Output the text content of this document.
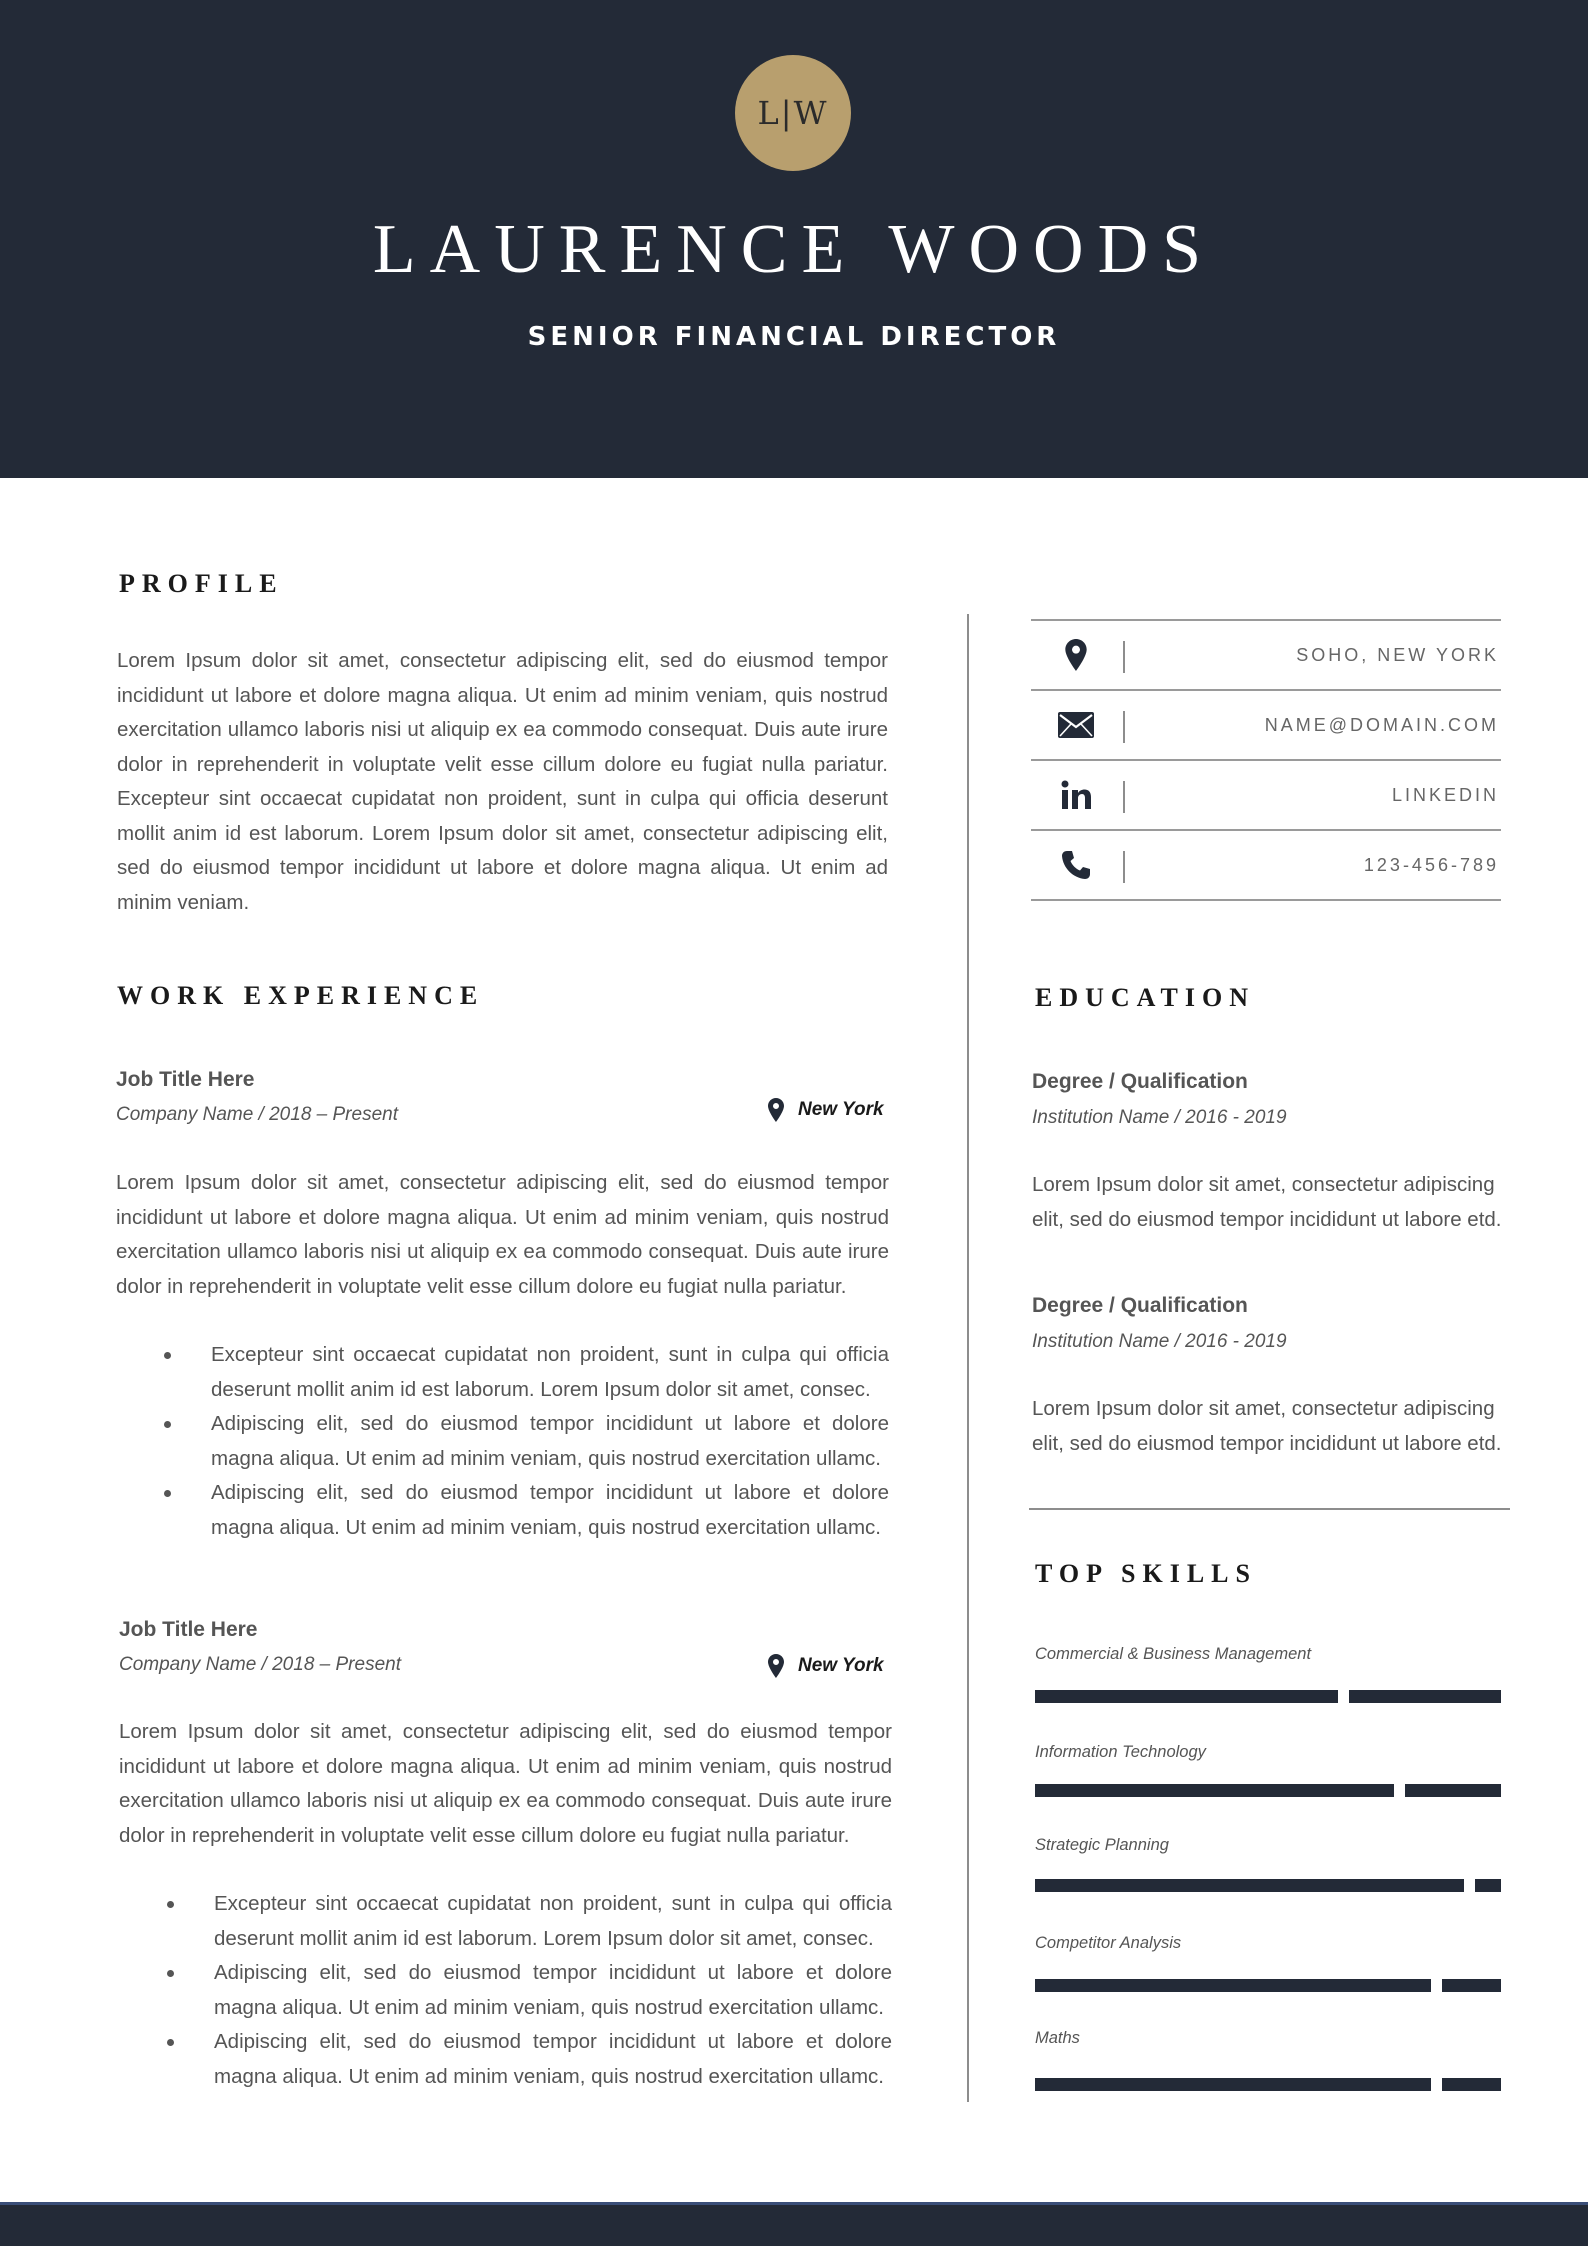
L|W
LAURENCE WOODS
SENIOR FINANCIAL DIRECTOR
PROFILE

Lorem Ipsum dolor sit amet, consectetur adipiscing elit, sed do eiusmod tempor incididunt ut labore et dolore magna aliqua. Ut enim ad minim veniam, quis nostrud exercitation ullamco laboris nisi ut aliquip ex ea commodo consequat. Duis aute irure dolor in reprehenderit in voluptate velit esse cillum dolore eu fugiat nulla pariatur. Excepteur sint occaecat cupidatat non proident, sunt in culpa qui officia deserunt mollit anim id est laborum. Lorem Ipsum dolor sit amet, consectetur adipiscing elit, sed do eiusmod tempor incididunt ut labore et dolore magna aliqua. Ut enim ad minim veniam.

WORK EXPERIENCE
Job Title Here
Company Name / 2018 – Present	New York

Lorem Ipsum dolor sit amet, consectetur adipiscing elit, sed do eiusmod tempor incididunt ut labore et dolore magna aliqua. Ut enim ad minim veniam, quis nostrud exercitation ullamco laboris nisi ut aliquip ex ea commodo consequat. Duis aute irure dolor in reprehenderit in voluptate velit esse cillum dolore eu fugiat nulla pariatur.

Excepteur sint occaecat cupidatat non proident, sunt in culpa qui officia deserunt mollit anim id est laborum. Lorem Ipsum dolor sit amet, consec.
Adipiscing elit, sed do eiusmod tempor incididunt ut labore et dolore magna aliqua. Ut enim ad minim veniam, quis nostrud exercitation ullamc.
Adipiscing elit, sed do eiusmod tempor incididunt ut labore et dolore magna aliqua. Ut enim ad minim veniam, quis nostrud exercitation ullamc.
Job Title Here
Company Name / 2018 – Present	New York

Lorem Ipsum dolor sit amet, consectetur adipiscing elit, sed do eiusmod tempor incididunt ut labore et dolore magna aliqua. Ut enim ad minim veniam, quis nostrud exercitation ullamco laboris nisi ut aliquip ex ea commodo consequat. Duis aute irure dolor in reprehenderit in voluptate velit esse cillum dolore eu fugiat nulla pariatur.

Excepteur sint occaecat cupidatat non proident, sunt in culpa qui officia deserunt mollit anim id est laborum. Lorem Ipsum dolor sit amet, consec.
Adipiscing elit, sed do eiusmod tempor incididunt ut labore et dolore magna aliqua. Ut enim ad minim veniam, quis nostrud exercitation ullamc.
Adipiscing elit, sed do eiusmod tempor incididunt ut labore et dolore magna aliqua. Ut enim ad minim veniam, quis nostrud exercitation ullamc.
SOHO, NEW YORK
NAME@DOMAIN.COM
LINKEDIN
123-456-789
EDUCATION
Degree / Qualification
Institution Name / 2016 - 2019

Lorem Ipsum dolor sit amet, consectetur adipiscing elit, sed do eiusmod tempor incididunt ut labore etd.

Degree / Qualification
Institution Name / 2016 - 2019

Lorem Ipsum dolor sit amet, consectetur adipiscing elit, sed do eiusmod tempor incididunt ut labore etd.

TOP SKILLS
Commercial & Business Management
Information Technology
Strategic Planning
Competitor Analysis
Maths
